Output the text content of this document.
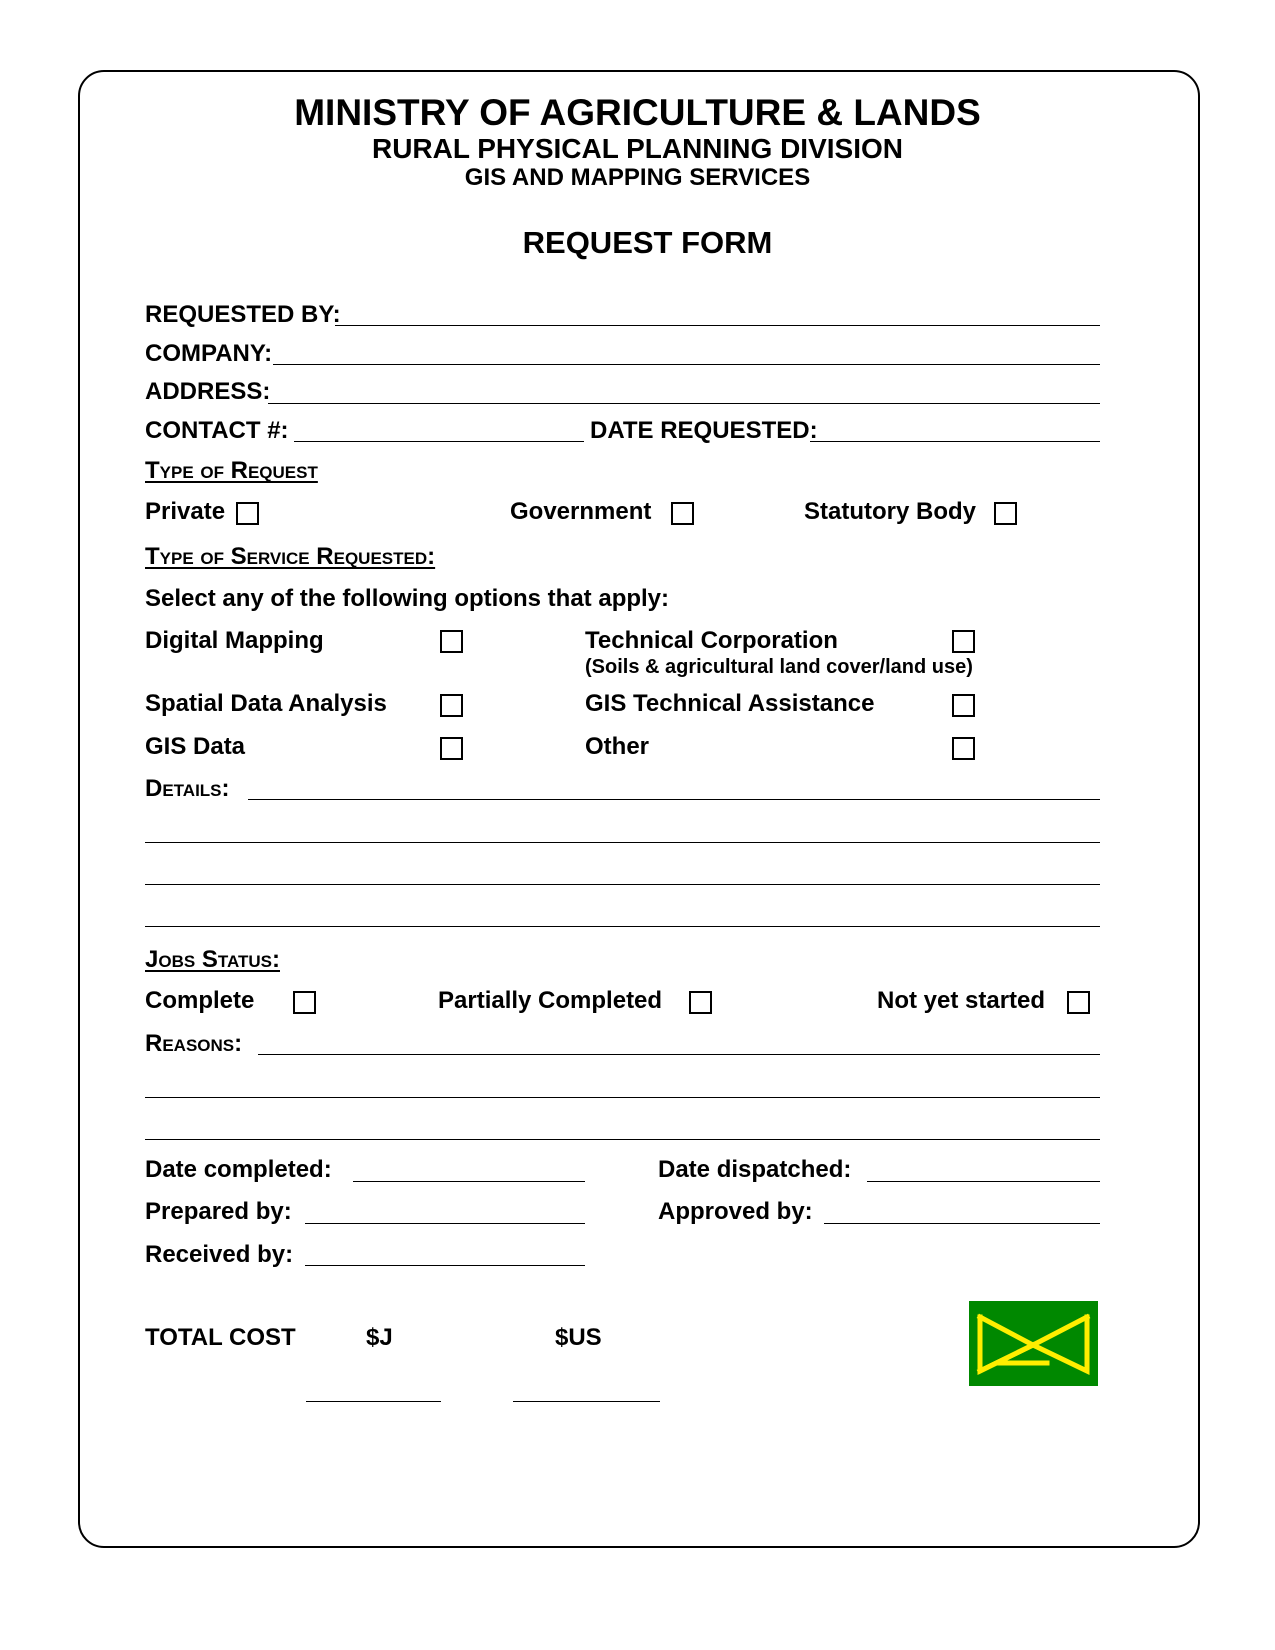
MINISTRY OF AGRICULTURE & LANDS
RURAL PHYSICAL PLANNING DIVISION
GIS AND MAPPING SERVICES
REQUEST FORM
REQUESTED BY:
COMPANY:
ADDRESS:
CONTACT #:	DATE REQUESTED:
Type of Request
Private	Government	Statutory Body
Type of Service Requested:
Select any of the following options that apply:
Digital Mapping	Technical Corporation
(Soils & agricultural land cover/land use)
Spatial Data Analysis	GIS Technical Assistance
GIS Data	Other
Details:
Jobs Status:
Complete	Partially Completed	Not yet started
Reasons:
Date completed:	Date dispatched:
Prepared by:	Approved by:
Received by:
TOTAL COST	$J	$US
